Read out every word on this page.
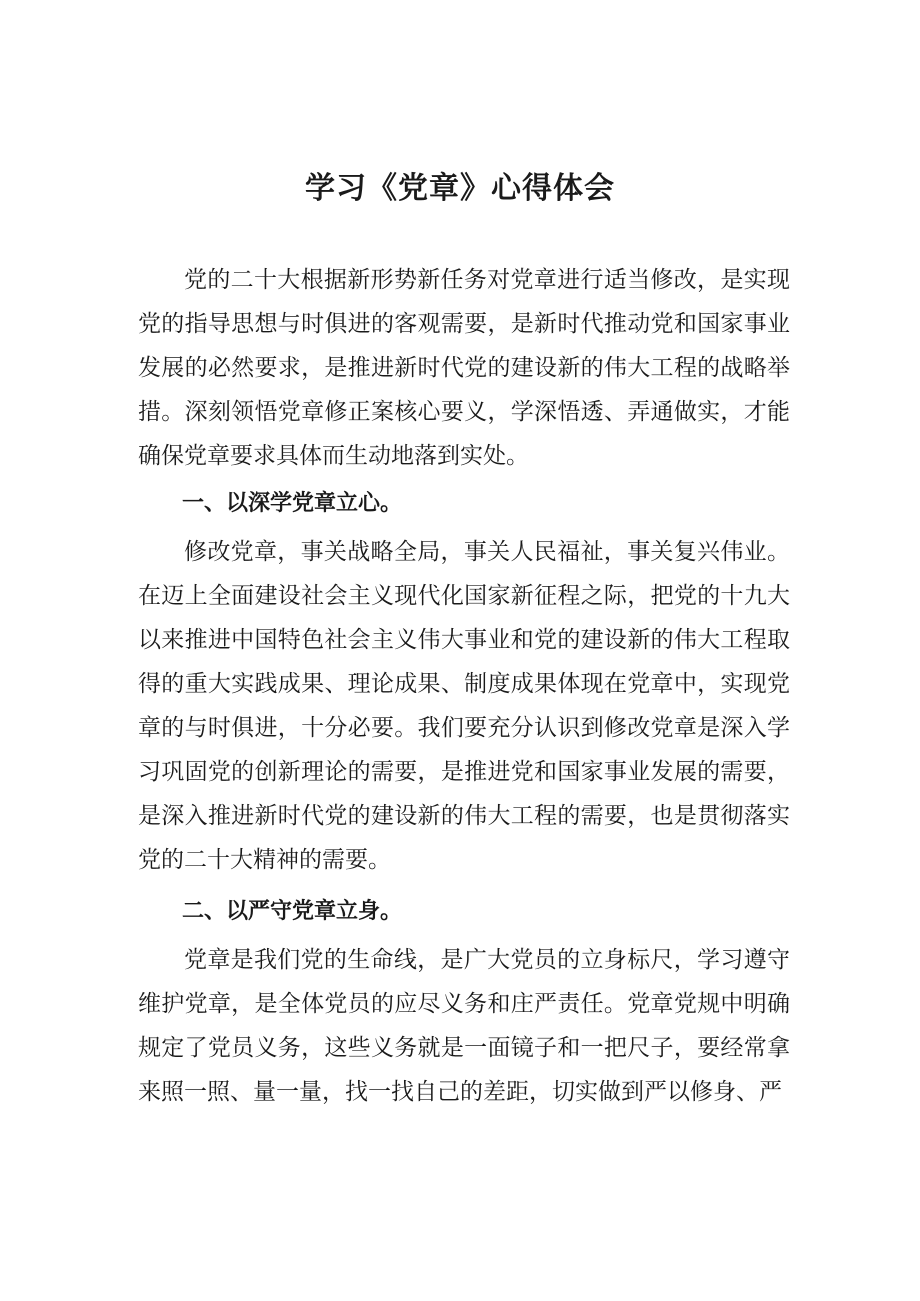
学习《党章》心得体会

党的二十大根据新形势新任务对党章进行适当修改，是实现党的指导思想与时俱进的客观需要，是新时代推动党和国家事业发展的必然要求，是推进新时代党的建设新的伟大工程的战略举措。深刻领悟党章修正案核心要义，学深悟透、弄通做实，才能确保党章要求具体而生动地落到实处。

一、以深学党章立心。

修改党章，事关战略全局，事关人民福祉，事关复兴伟业。在迈上全面建设社会主义现代化国家新征程之际，把党的十九大以来推进中国特色社会主义伟大事业和党的建设新的伟大工程取得的重大实践成果、理论成果、制度成果体现在党章中，实现党章的与时俱进，十分必要。我们要充分认识到修改党章是深入学习巩固党的创新理论的需要，是推进党和国家事业发展的需要，是深入推进新时代党的建设新的伟大工程的需要，也是贯彻落实党的二十大精神的需要。

二、以严守党章立身。

党章是我们党的生命线，是广大党员的立身标尺，学习遵守维护党章，是全体党员的应尽义务和庄严责任。党章党规中明确规定了党员义务，这些义务就是一面镜子和一把尺子，要经常拿来照一照、量一量，找一找自己的差距，切实做到严以修身、严
